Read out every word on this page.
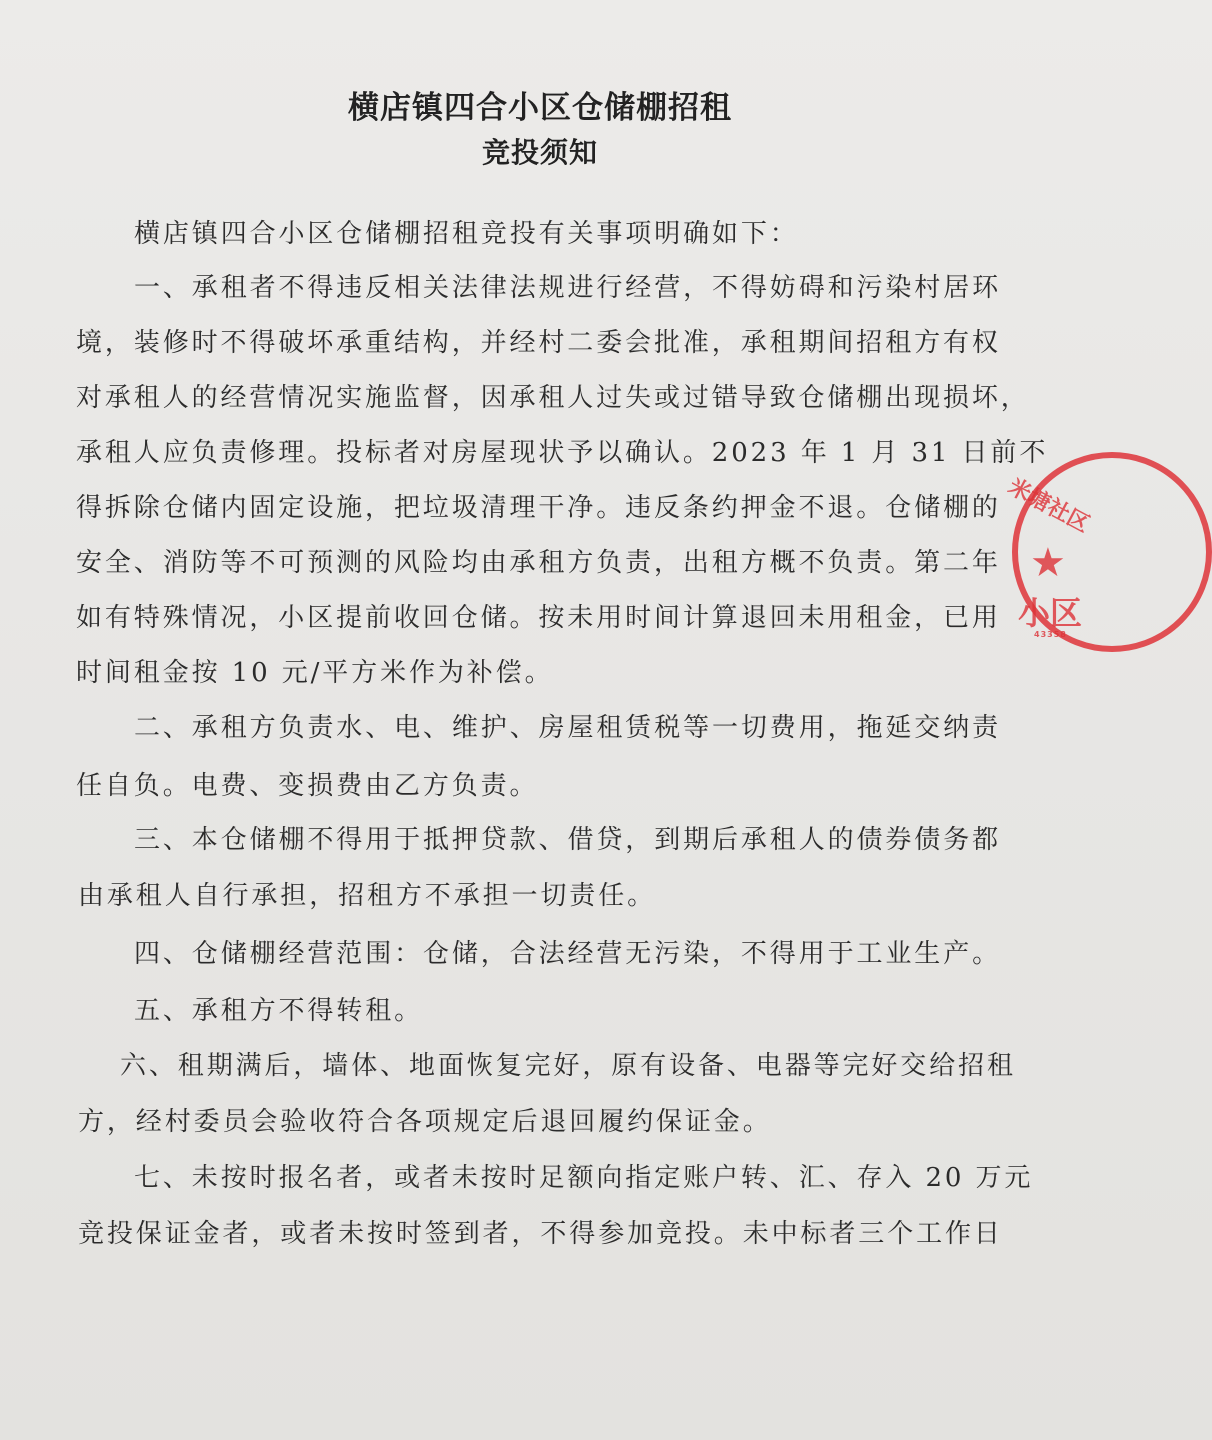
横店镇四合小区仓储棚招租
竞投须知

横店镇四合小区仓储棚招租竞投有关事项明确如下：

一、承租者不得违反相关法律法规进行经营，不得妨碍和污染村居环

境，装修时不得破坏承重结构，并经村二委会批准，承租期间招租方有权

对承租人的经营情况实施监督，因承租人过失或过错导致仓储棚出现损坏，

承租人应负责修理。投标者对房屋现状予以确认。2023 年 1 月 31 日前不

得拆除仓储内固定设施，把垃圾清理干净。违反条约押金不退。仓储棚的

安全、消防等不可预测的风险均由承租方负责，出租方概不负责。第二年

如有特殊情况，小区提前收回仓储。按未用时间计算退回未用租金，已用

时间租金按 10 元/平方米作为补偿。

二、承租方负责水、电、维护、房屋租赁税等一切费用，拖延交纳责

任自负。电费、变损费由乙方负责。

三、本仓储棚不得用于抵押贷款、借贷，到期后承租人的债券债务都

由承租人自行承担，招租方不承担一切责任。

四、仓储棚经营范围：仓储，合法经营无污染，不得用于工业生产。

五、承租方不得转租。

六、租期满后，墙体、地面恢复完好，原有设备、电器等完好交给招租

方，经村委员会验收符合各项规定后退回履约保证金。

七、未按时报名者，或者未按时足额向指定账户转、汇、存入 20 万元

竞投保证金者，或者未按时签到者，不得参加竞投。未中标者三个工作日

米塘社区
★
小区
43358
